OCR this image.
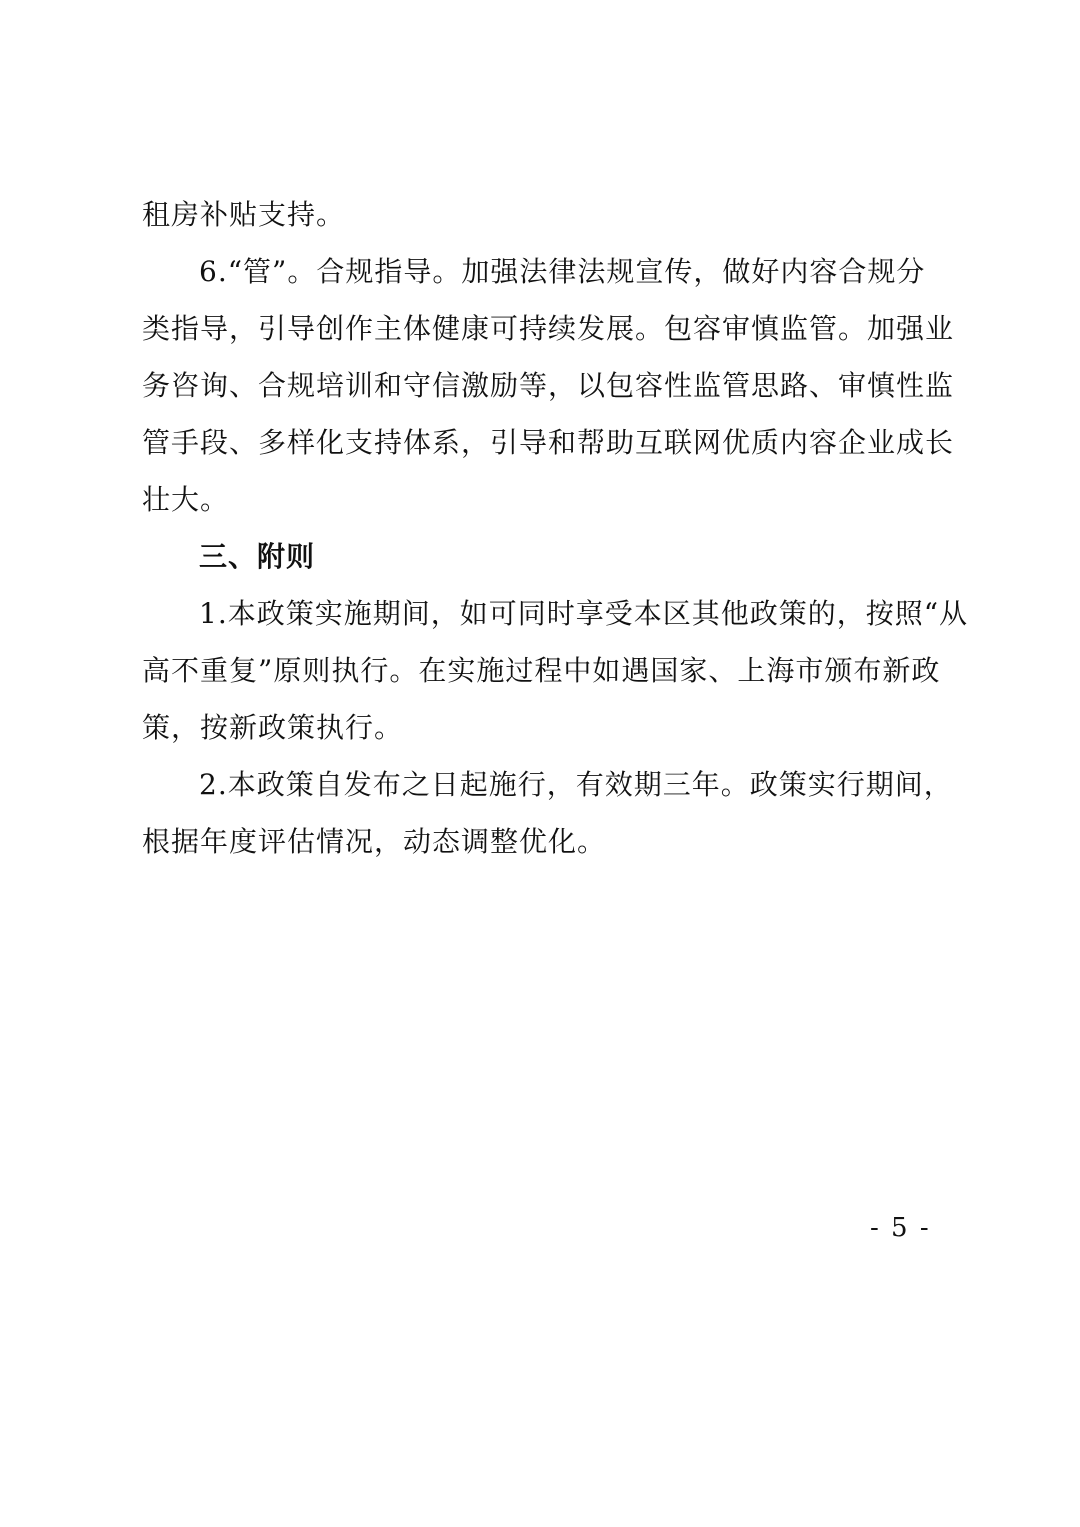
租房补贴支持。
6.“管”。合规指导。加强法律法规宣传，做好内容合规分
类指导，引导创作主体健康可持续发展。包容审慎监管。加强业
务咨询、合规培训和守信激励等，以包容性监管思路、审慎性监
管手段、多样化支持体系，引导和帮助互联网优质内容企业成长
壮大。
三、附则
1.本政策实施期间，如可同时享受本区其他政策的，按照“从
高不重复”原则执行。在实施过程中如遇国家、上海市颁布新政
策，按新政策执行。
2.本政策自发布之日起施行，有效期三年。政策实行期间，
根据年度评估情况，动态调整优化。
- 5 -
